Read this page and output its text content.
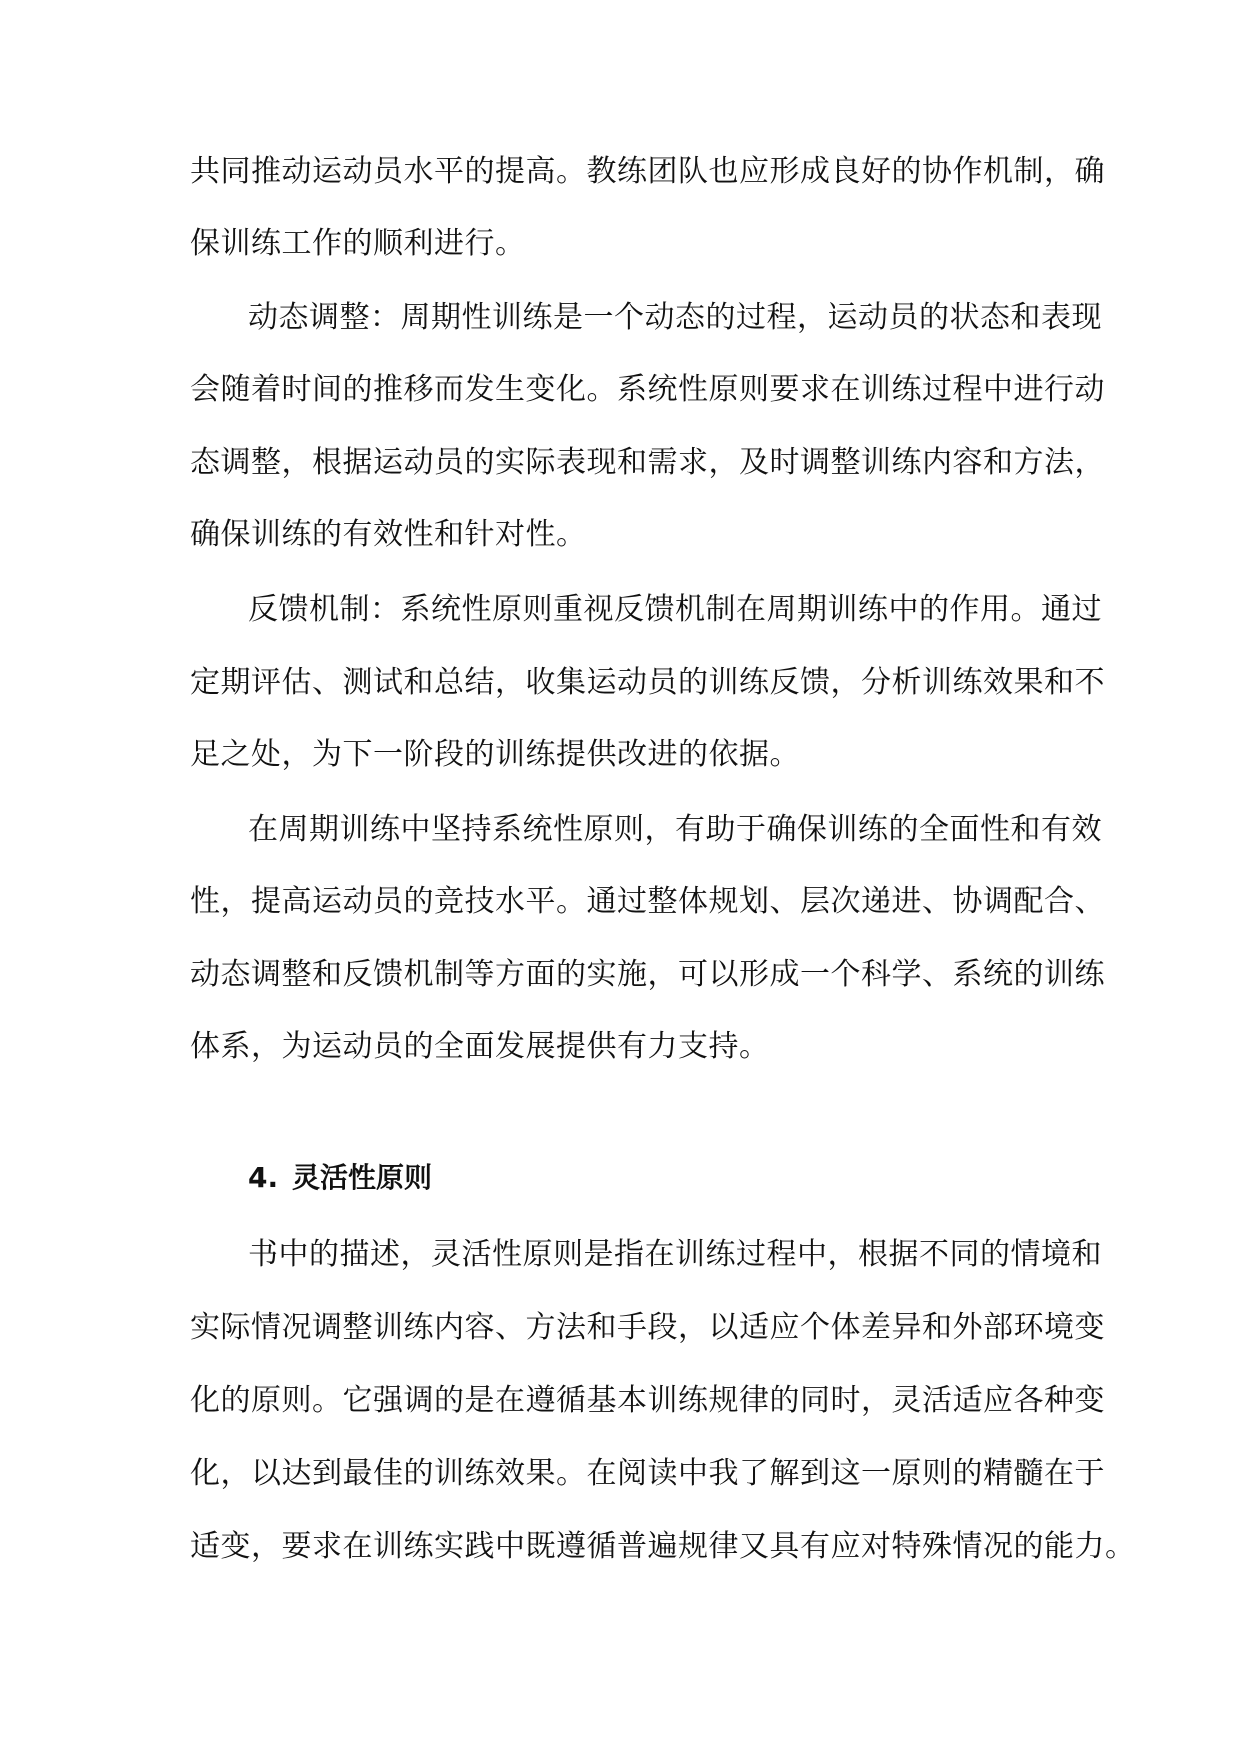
共同推动运动员水平的提高。教练团队也应形成良好的协作机制，确
保训练工作的顺利进行。
动态调整：周期性训练是一个动态的过程，运动员的状态和表现
会随着时间的推移而发生变化。系统性原则要求在训练过程中进行动
态调整，根据运动员的实际表现和需求，及时调整训练内容和方法，
确保训练的有效性和针对性。
反馈机制：系统性原则重视反馈机制在周期训练中的作用。通过
定期评估、测试和总结，收集运动员的训练反馈，分析训练效果和不
足之处，为下一阶段的训练提供改进的依据。
在周期训练中坚持系统性原则，有助于确保训练的全面性和有效
性，提高运动员的竞技水平。通过整体规划、层次递进、协调配合、
动态调整和反馈机制等方面的实施，可以形成一个科学、系统的训练
体系，为运动员的全面发展提供有力支持。
4. 灵活性原则
书中的描述，灵活性原则是指在训练过程中，根据不同的情境和
实际情况调整训练内容、方法和手段，以适应个体差异和外部环境变
化的原则。它强调的是在遵循基本训练规律的同时，灵活适应各种变
化，以达到最佳的训练效果。在阅读中我了解到这一原则的精髓在于
适变，要求在训练实践中既遵循普遍规律又具有应对特殊情况的能力。
